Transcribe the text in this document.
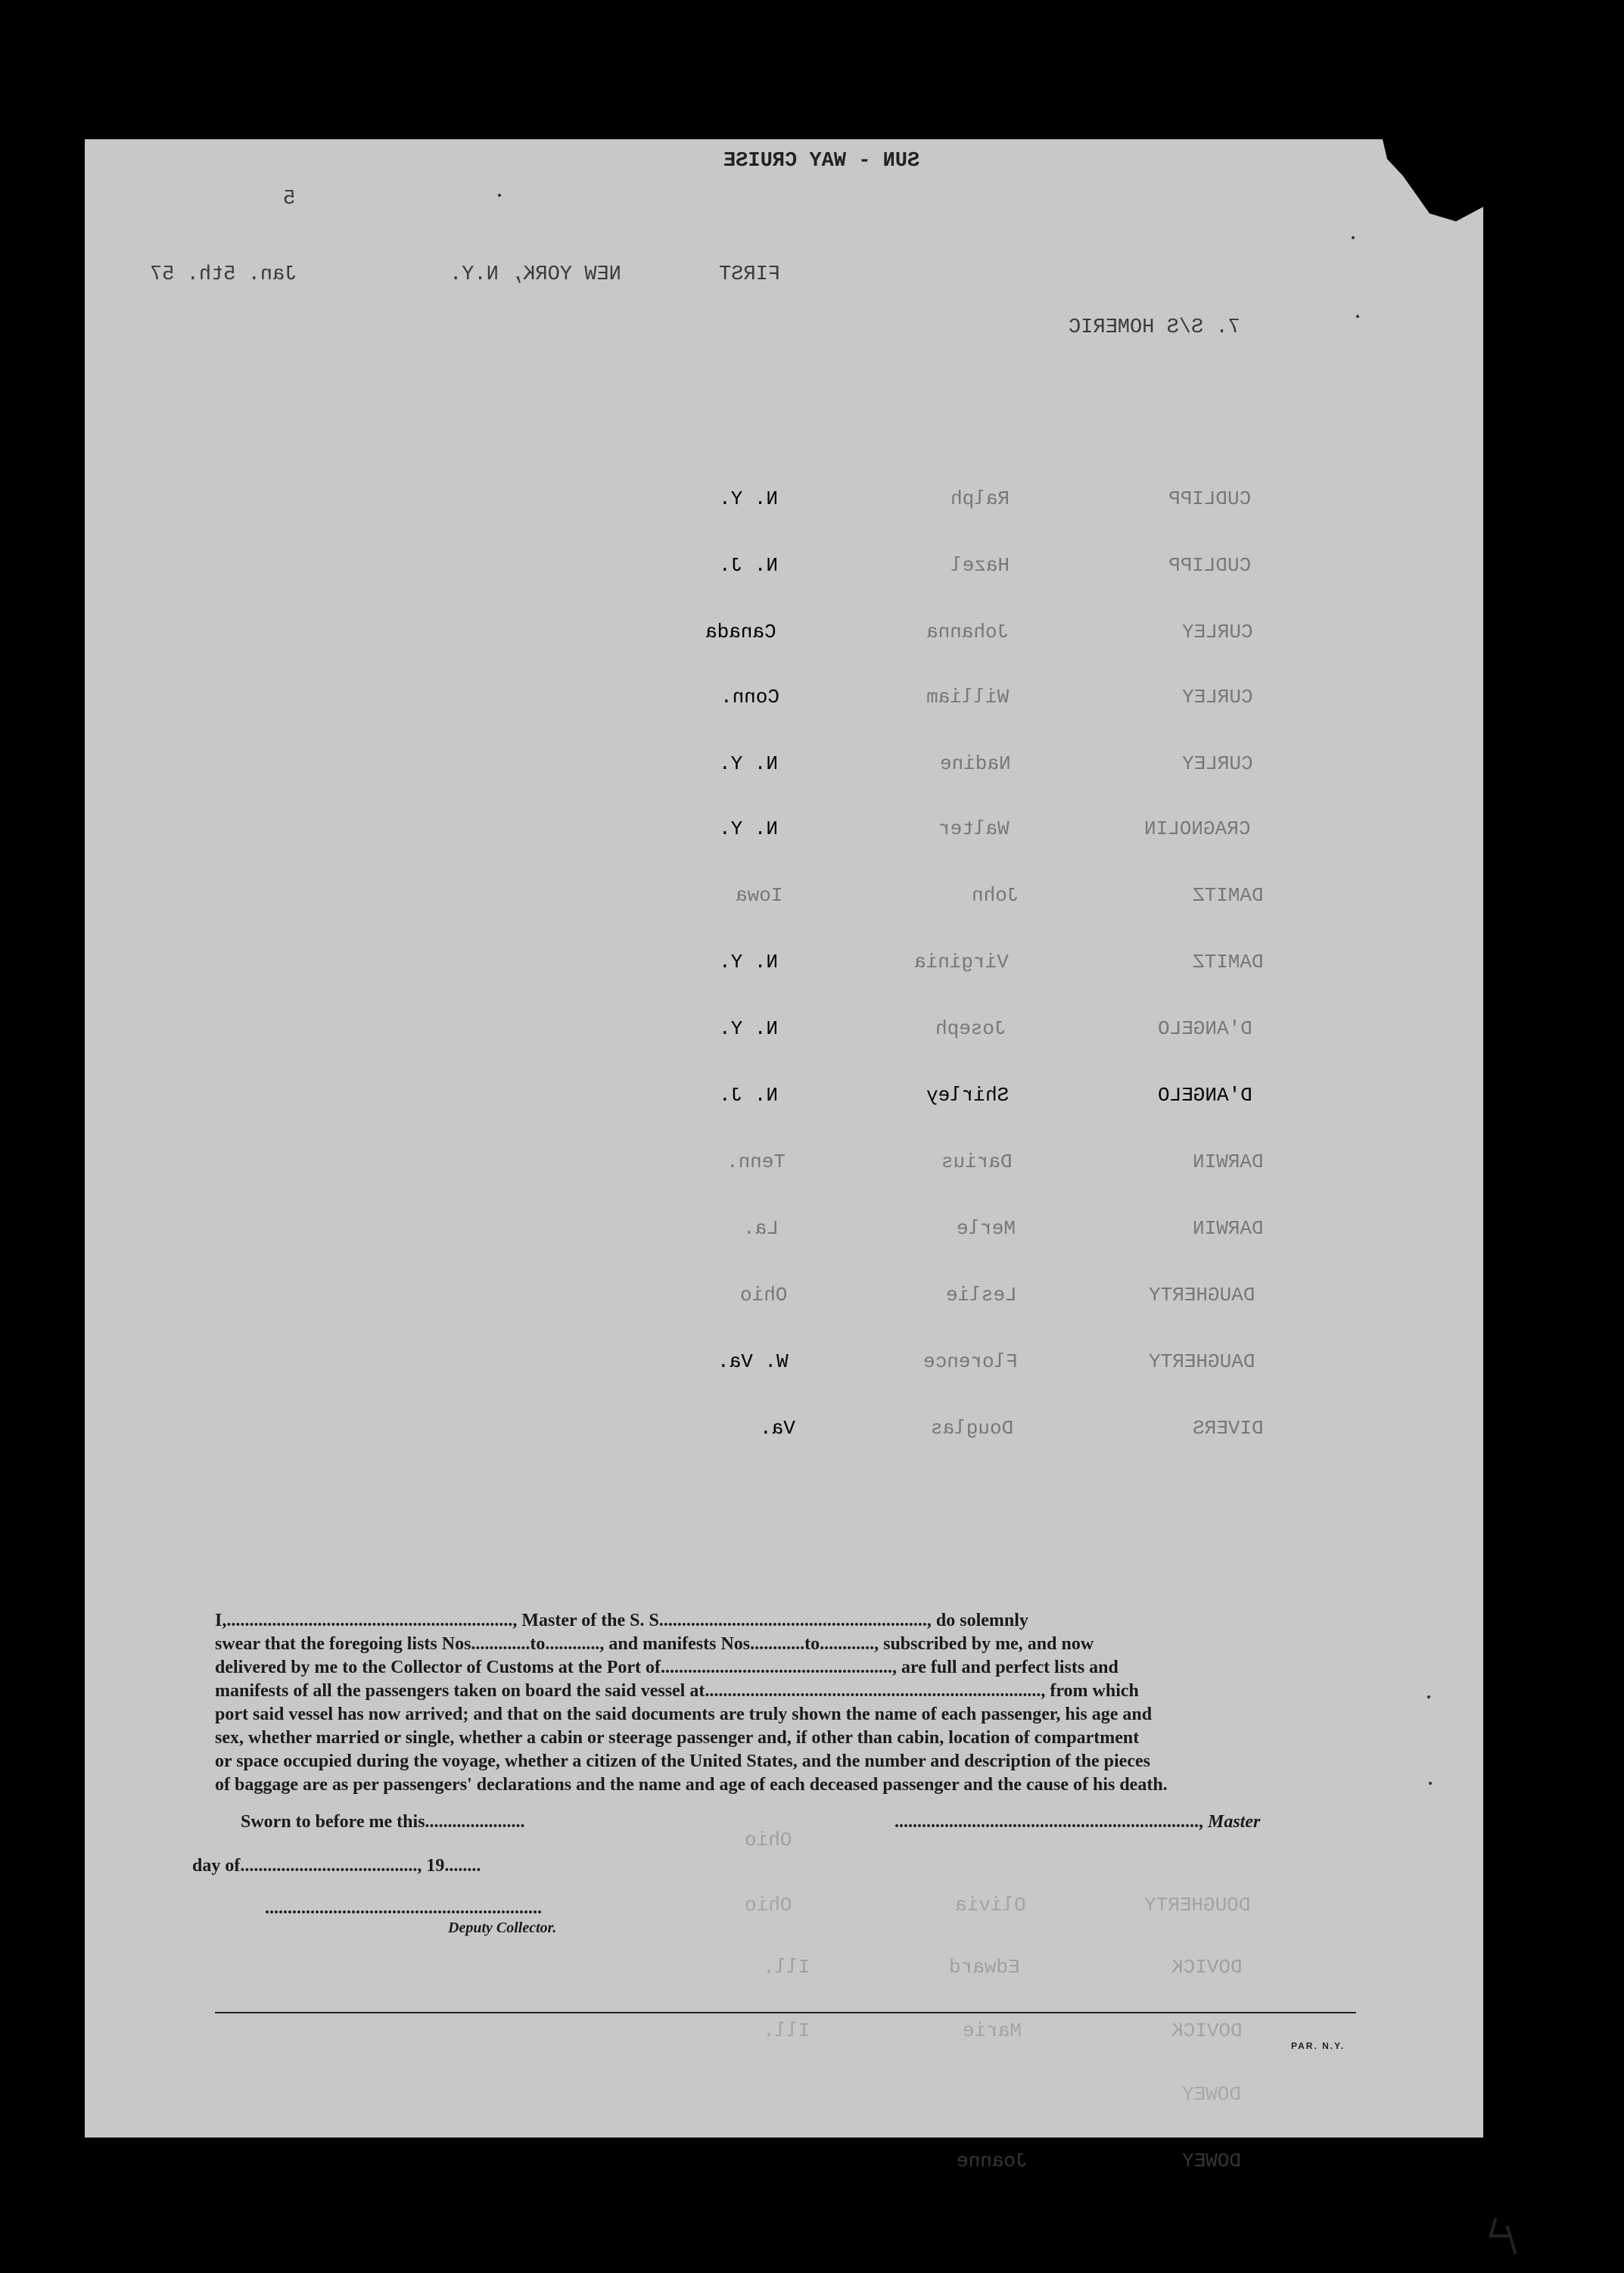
SUN - WAY CRUISE
5
FIRST
NEW YORK, N.Y.
Jan. 5th. 57
7. S/S HOMERIC
CUDLIPP
Ralph
N. Y.
CUDLIPP
Hazel
N. J.
CURLEY
Johanna
Canada
CURLEY
William
Conn.
CURLEY
Nadine
N. Y.
CRAGNOLIN
Walter
N. Y.
DAMITZ
John
Iowa
DAMITZ
Virginia
N. Y.
D'ANGELO
Joseph
N. Y.
D'ANGELO
Shirley
N. J.
DARWIN
Darius
Tenn.
DARWIN
Merle
La.
DAUGHERTY
Leslie
Ohio
DAUGHERTY
Florence
W. Va.
DIVERS
Douglas
Va.

I,..............................................................., Master of the S. S..........................................................., do solemnly

swear that the foregoing lists Nos.............to............, and manifests Nos............to............, subscribed by me, and now

delivered by me to the Collector of Customs at the Port of..................................................., are full and perfect lists and

manifests of all the passengers taken on board the said vessel at.........................................................................., from which

port said vessel has now arrived; and that on the said documents are truly shown the name of each passenger, his age and

sex, whether married or single, whether a cabin or steerage passenger and, if other than cabin, location of compartment

or space occupied during the voyage, whether a citizen of the United States, and the number and description of the pieces

of baggage are as per passengers' declarations and the name and age of each deceased passenger and the cause of his death.

Sworn to before me this......................	..................................................................., Master
day of......................................., 19........
.............................................................
Deputy Collector.
Ohio
DOUGHERTY
Olivia
Ohio
DOVICK
Edward
Ill.
DOVICK
Marie
Ill.
DOWEY
DOWEY
Joanne
PAR. N.Y.
